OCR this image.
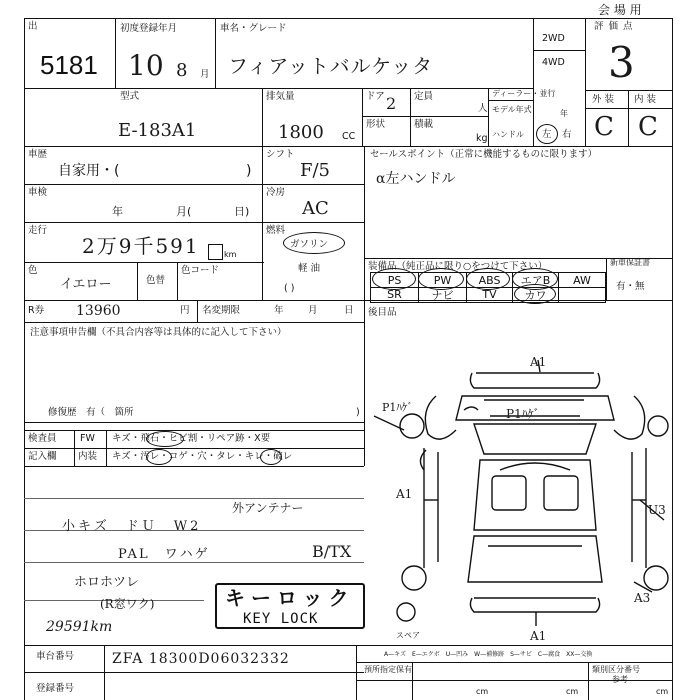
出
5181
会 場 用
初度登録年月
10 8 月
車名・グレード
フィアットバルケッタ
2WD
4WD
評 価 点
3
型式
E-183A1
排気量
1800 CC
ドア 2 定員
人
形状	積載
kg
ディーラー・並行
モデル年式	年
ハンドル 左 右
外 装 内 装
C C
車歴
自家用・(	)
シフト
F/5
セールスポイント（正常に機能するものに限ります）
α左ハンドル
車検
年	月(	日)
冷房
AC
走行
2万9千591	km
燃料
ガソリン
軽 油
( )
色
イエロー	色替
色コード
R券 13960	円 名変期限	年	月	日
装備品（純正品に限り○をつけて下さい）	新車保証書
有・無
PS	PW	ABS	エアB	AW
SR	ナビ	TV	カワ
後目品
注意事項申告欄（不具合内容等は具体的に記入して下さい）
修復歴　有（　箇所	)
検査員
記入欄
FW キズ・飛石・ヒビ割・リペア跡・X要
内装 キズ・汚レ・コゲ・穴・タレ・キレ・破レ
外アンテナー
小キズ　ドＵ　W2
PAL　ワハゲ	B/TX
ホロホツレ
(R窓ワク)
29591km
キーロック
KEY LOCK
A1
P1ﾊｹﾞ	P1ﾊｹﾞ
A1
U3
A3
スペア	A1
A—キズ　E—エクボ　U—凹み　W—補修跡　S—サビ　C—腐食　XX—交換
車台番号	ZFA 18300D06032332
登録番号
預所指定保有	類別区分番号
参考
cm	cm	cm
